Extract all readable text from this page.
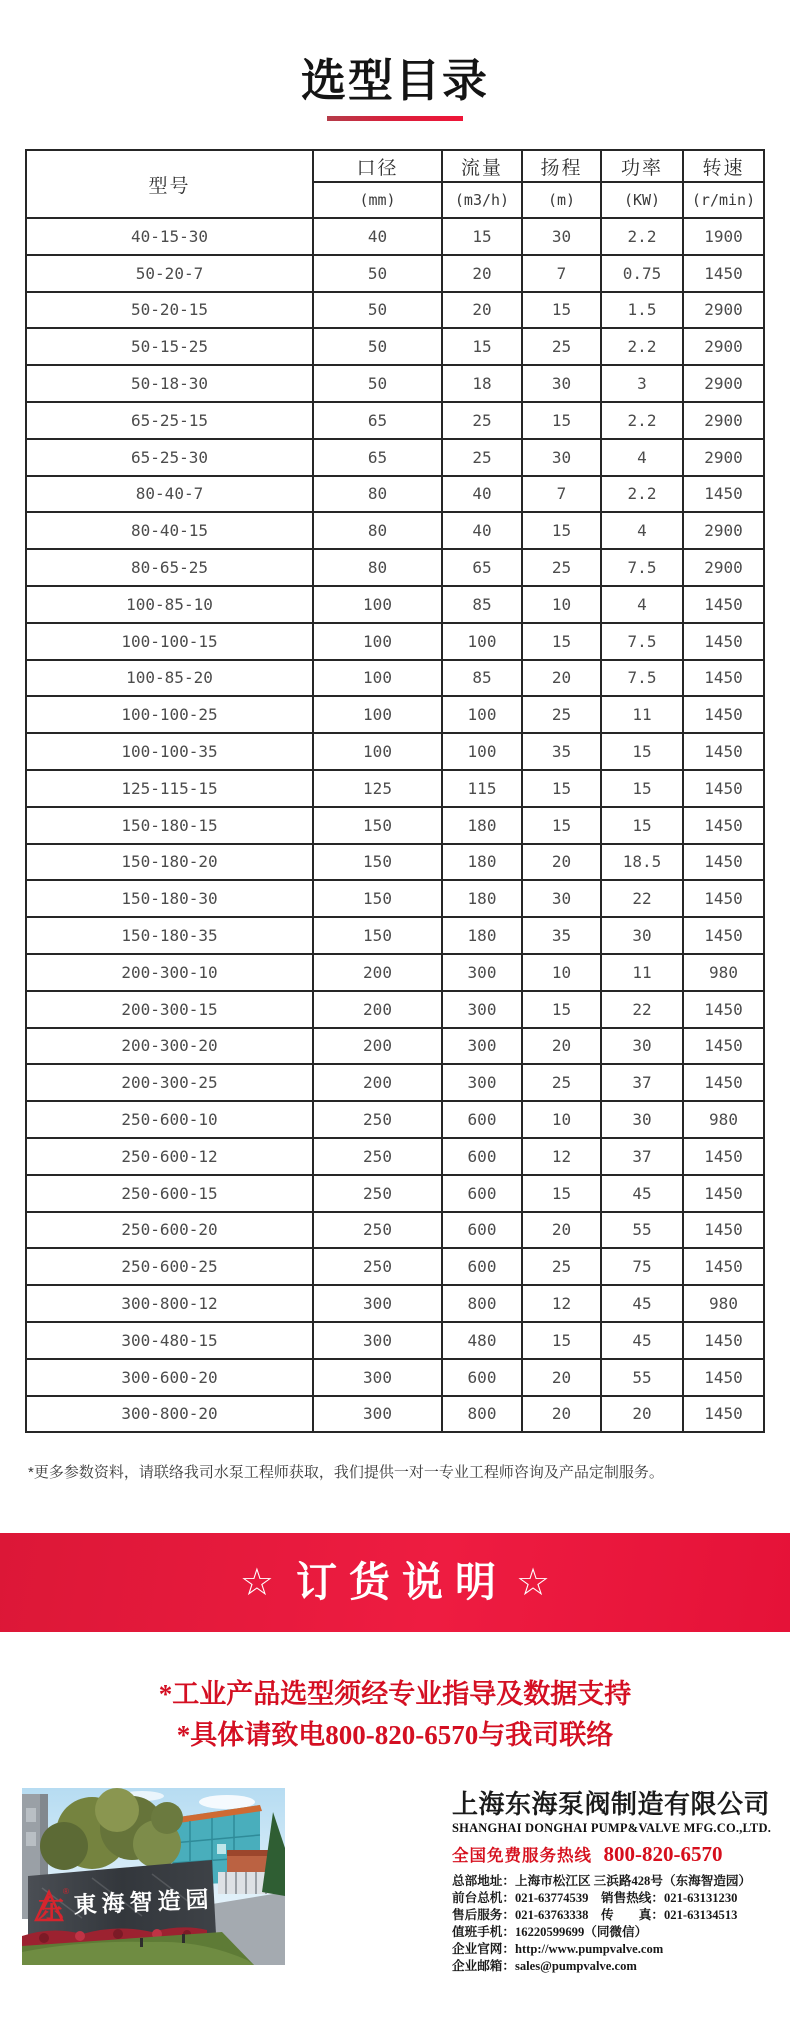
选型目录
型号	口径	流量	扬程	功率	转速
	(mm)	(m3/h)	(m)	(KW)	(r/min)
40-15-30	40	15	30	2.2	1900
50-20-7	50	20	7	0.75	1450
50-20-15	50	20	15	1.5	2900
50-15-25	50	15	25	2.2	2900
50-18-30	50	18	30	3	2900
65-25-15	65	25	15	2.2	2900
65-25-30	65	25	30	4	2900
80-40-7	80	40	7	2.2	1450
80-40-15	80	40	15	4	2900
80-65-25	80	65	25	7.5	2900
100-85-10	100	85	10	4	1450
100-100-15	100	100	15	7.5	1450
100-85-20	100	85	20	7.5	1450
100-100-25	100	100	25	11	1450
100-100-35	100	100	35	15	1450
125-115-15	125	115	15	15	1450
150-180-15	150	180	15	15	1450
150-180-20	150	180	20	18.5	1450
150-180-30	150	180	30	22	1450
150-180-35	150	180	35	30	1450
200-300-10	200	300	10	11	980
200-300-15	200	300	15	22	1450
200-300-20	200	300	20	30	1450
200-300-25	200	300	25	37	1450
250-600-10	250	600	10	30	980
250-600-12	250	600	12	37	1450
250-600-15	250	600	15	45	1450
250-600-20	250	600	20	55	1450
250-600-25	250	600	25	75	1450
300-800-12	300	800	12	45	980
300-480-15	300	480	15	45	1450
300-600-20	300	600	20	55	1450
300-800-20	300	800	20	20	1450
*更多参数资料，请联络我司水泵工程师获取，我们提供一对一专业工程师咨询及产品定制服务。
☆ 订货说明 ☆
*工业产品选型须经专业指导及数据支持
*具体请致电800-820-6570与我司联络
东
® 東海智造园
上海东海泵阀制造有限公司
SHANGHAI DONGHAI PUMP&VALVE MFG.CO.,LTD.
全国免费服务热线 800-820-6570
总部地址：上海市松江区 三浜路428号（东海智造园）
前台总机：021-63774539　销售热线：021-63131230
售后服务：021-63763338　传　　真：021-63134513
值班手机：16220599699（同微信）
企业官网：http://www.pumpvalve.com
企业邮箱：sales@pumpvalve.com
